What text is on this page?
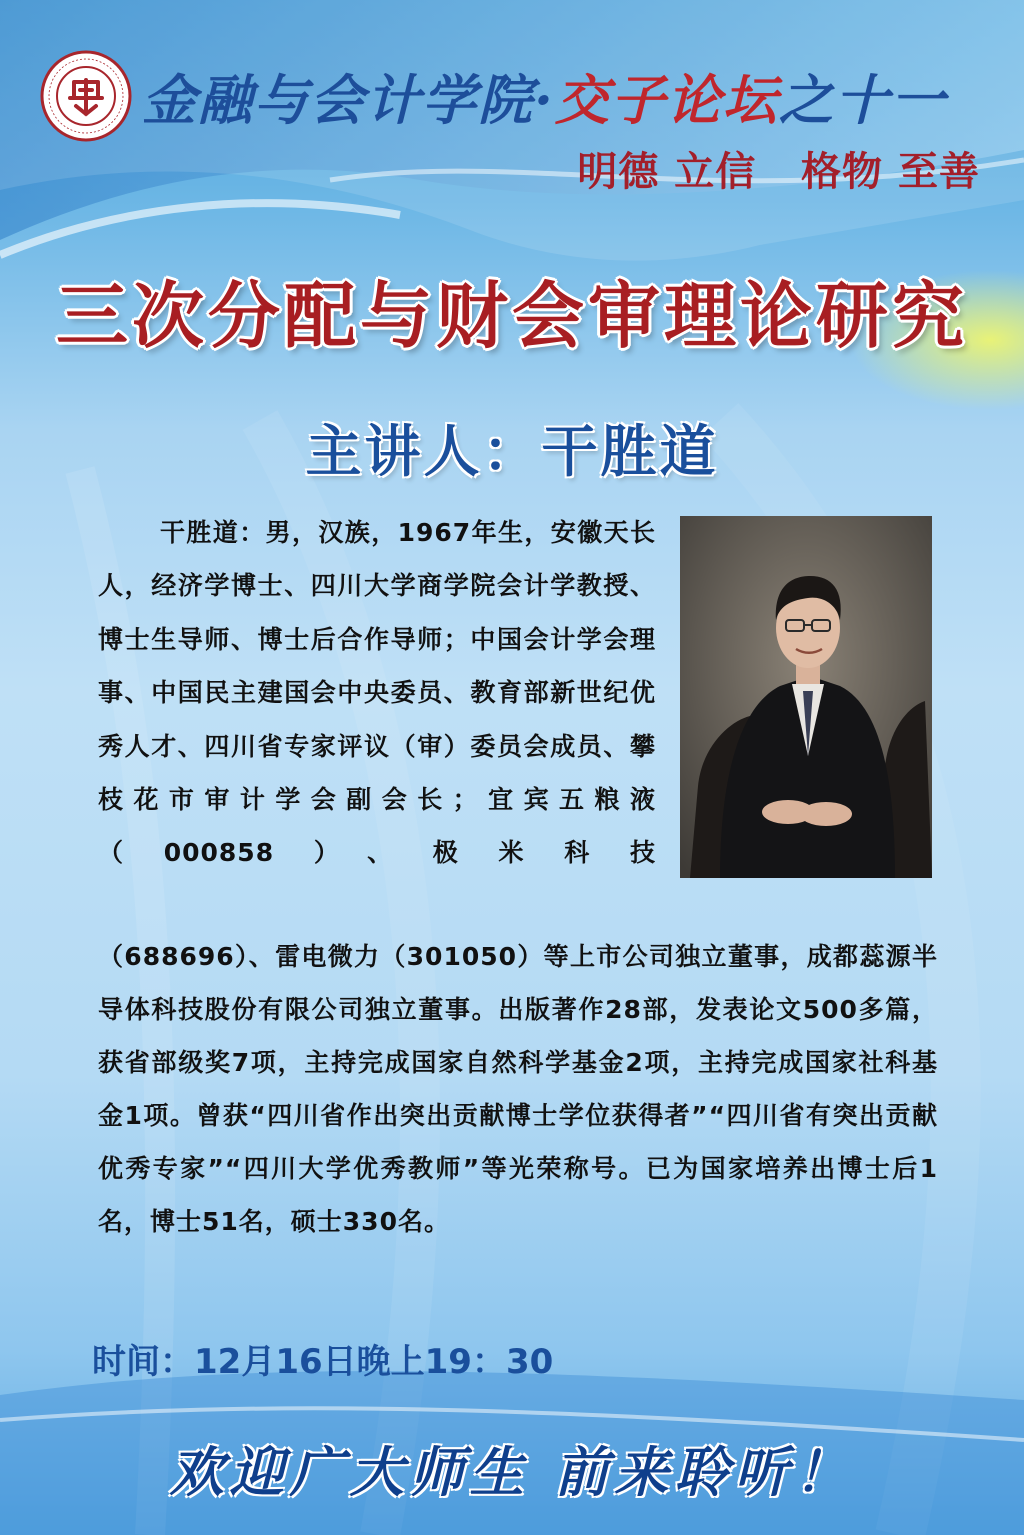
金融与会计学院·交子论坛之十一
明德 立信   格物 至善
三次分配与财会审理论研究
主讲人：干胜道
干胜道：男，汉族，1967年生，安徽天长人，经济学博士、四川大学商学院会计学教授、博士生导师、博士后合作导师；中国会计学会理事、中国民主建国会中央委员、教育部新世纪优秀人才、四川省专家评议（审）委员会成员、攀枝花市审计学会副会长；宜宾五粮液（000858）、极米科技
（688696）、雷电微力（301050）等上市公司独立董事，成都蕊源半导体科技股份有限公司独立董事。出版著作28部，发表论文500多篇，获省部级奖7项，主持完成国家自然科学基金2项，主持完成国家社科基金1项。曾获“四川省作出突出贡献博士学位获得者”“四川省有突出贡献优秀专家”“四川大学优秀教师”等光荣称号。已为国家培养出博士后1名，博士51名，硕士330名。
时间：12月16日晚上19：30
欢迎广大师生 前来聆听！
